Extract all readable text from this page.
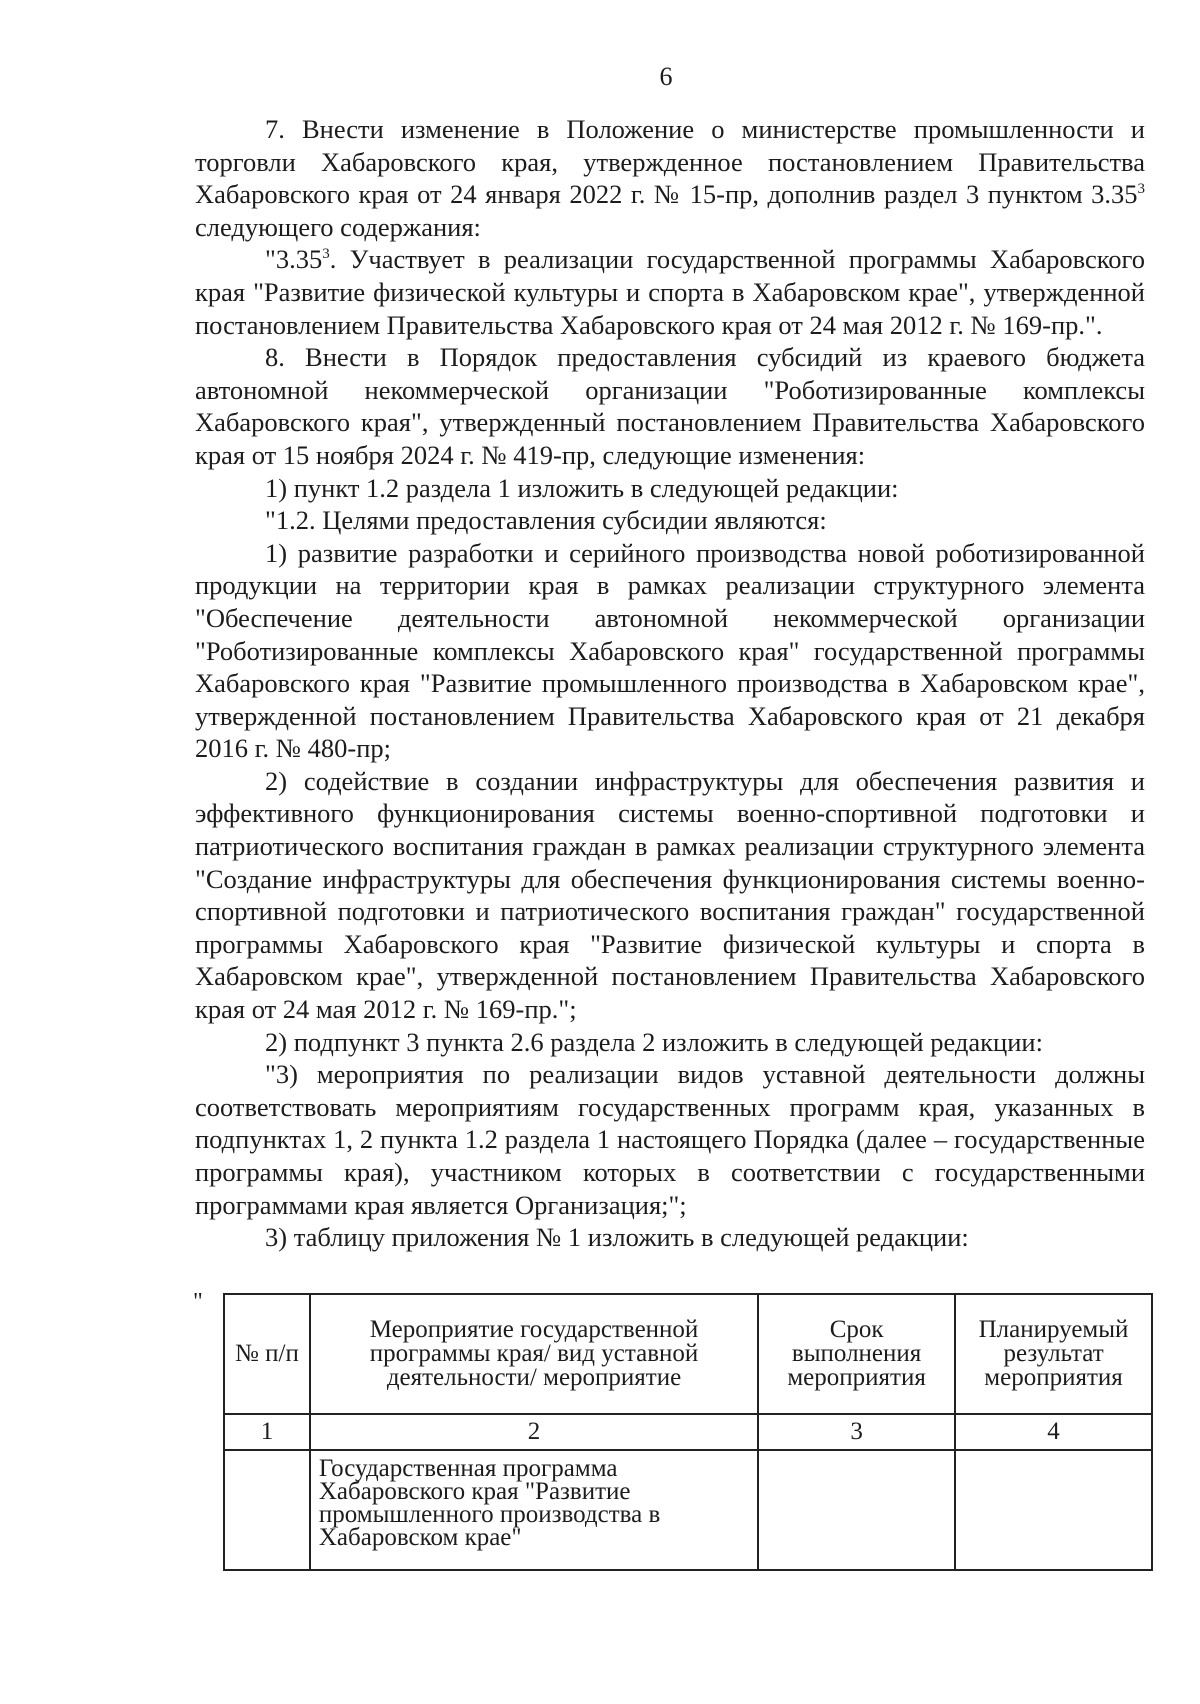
6

7. Внести изменение в Положение о министерстве промышленности и торговли Хабаровского края, утвержденное постановлением Правительства Хабаровского края от 24 января 2022 г. № 15-пр, дополнив раздел 3 пунктом 3.35$^3$ следующего содержания:

"3.35$^3$. Участвует в реализации государственной программы Хабаровского края "Развитие физической культуры и спорта в Хабаровском крае", утвержденной постановлением Правительства Хабаровского края от 24 мая 2012 г. № 169-пр.".

8. Внести в Порядок предоставления субсидий из краевого бюджета автономной некоммерческой организации "Роботизированные комплексы Хабаровского края", утвержденный постановлением Правительства Хабаровского края от 15 ноября 2024 г. № 419-пр, следующие изменения:

1) пункт 1.2 раздела 1 изложить в следующей редакции:

"1.2. Целями предоставления субсидии являются:

1) развитие разработки и серийного производства новой роботизированной продукции на территории края в рамках реализации структурного элемента "Обеспечение деятельности автономной некоммерческой организации "Роботизированные комплексы Хабаровского края" государственной программы Хабаровского края "Развитие промышленного производства в Хабаровском крае", утвержденной постановлением Правительства Хабаровского края от 21 декабря 2016 г. № 480-пр;

2) содействие в создании инфраструктуры для обеспечения развития и эффективного функционирования системы военно-спортивной подготовки и патриотического воспитания граждан в рамках реализации структурного элемента "Создание инфраструктуры для обеспечения функционирования системы военно-спортивной подготовки и патриотического воспитания граждан" государственной программы Хабаровского края "Развитие физической культуры и спорта в Хабаровском крае", утвержденной постановлением Правительства Хабаровского края от 24 мая 2012 г. № 169-пр.";

2) подпункт 3 пункта 2.6 раздела 2 изложить в следующей редакции:

"3) мероприятия по реализации видов уставной деятельности должны соответствовать мероприятиям государственных программ края, указанных в подпунктах 1, 2 пункта 1.2 раздела 1 настоящего Порядка (далее – государственные программы края), участником которых в соответствии с государственными программами края является Организация;";

3) таблицу приложения № 1 изложить в следующей редакции:

"
№ п/п	Мероприятие государственной программы края/ вид уставной деятельности/ мероприятие	Срок выполнения мероприятия	Планируемый результат мероприятия
1	2	3	4
	Государственная программа Хабаровского края "Развитие промышленного производства в Хабаровском крае"		
